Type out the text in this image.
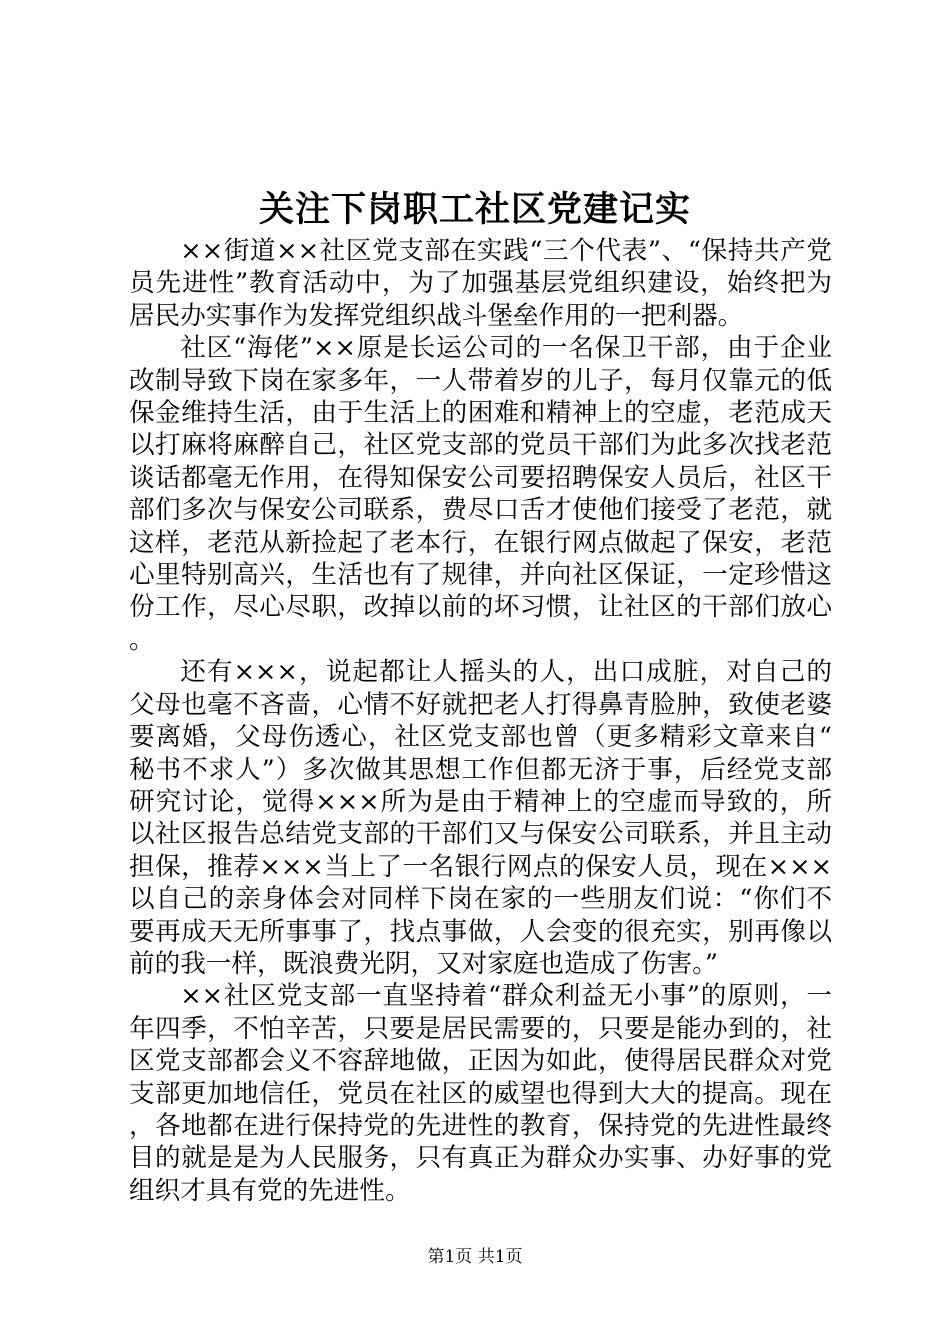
关注下岗职工社区党建记实

××街道××社区党支部在实践“三个代表”、“保持共产党员先进性”教育活动中，为了加强基层党组织建设，始终把为居民办实事作为发挥党组织战斗堡垒作用的一把利器。

社区“海佬”××原是长运公司的一名保卫干部，由于企业改制导致下岗在家多年，一人带着岁的儿子，每月仅靠元的低保金维持生活，由于生活上的困难和精神上的空虚，老范成天以打麻将麻醉自己，社区党支部的党员干部们为此多次找老范谈话都毫无作用，在得知保安公司要招聘保安人员后，社区干部们多次与保安公司联系，费尽口舌才使他们接受了老范，就这样，老范从新捡起了老本行，在银行网点做起了保安，老范心里特别高兴，生活也有了规律，并向社区保证，一定珍惜这份工作，尽心尽职，改掉以前的坏习惯，让社区的干部们放心。

还有×××，说起都让人摇头的人，出口成脏，对自己的父母也毫不吝啬，心情不好就把老人打得鼻青脸肿，致使老婆要离婚，父母伤透心，社区党支部也曾（更多精彩文章来自“秘书不求人”）多次做其思想工作但都无济于事，后经党支部研究讨论，觉得×××所为是由于精神上的空虚而导致的，所以社区报告总结党支部的干部们又与保安公司联系，并且主动担保，推荐×××当上了一名银行网点的保安人员，现在×××以自己的亲身体会对同样下岗在家的一些朋友们说：“你们不要再成天无所事事了，找点事做，人会变的很充实，别再像以前的我一样，既浪费光阴，又对家庭也造成了伤害。”

××社区党支部一直坚持着“群众利益无小事”的原则，一年四季，不怕辛苦，只要是居民需要的，只要是能办到的，社区党支部都会义不容辞地做，正因为如此，使得居民群众对党支部更加地信任，党员在社区的威望也得到大大的提高。现在，各地都在进行保持党的先进性的教育，保持党的先进性最终目的就是是为人民服务，只有真正为群众办实事、办好事的党组织才具有党的先进性。

第1页 共1页
